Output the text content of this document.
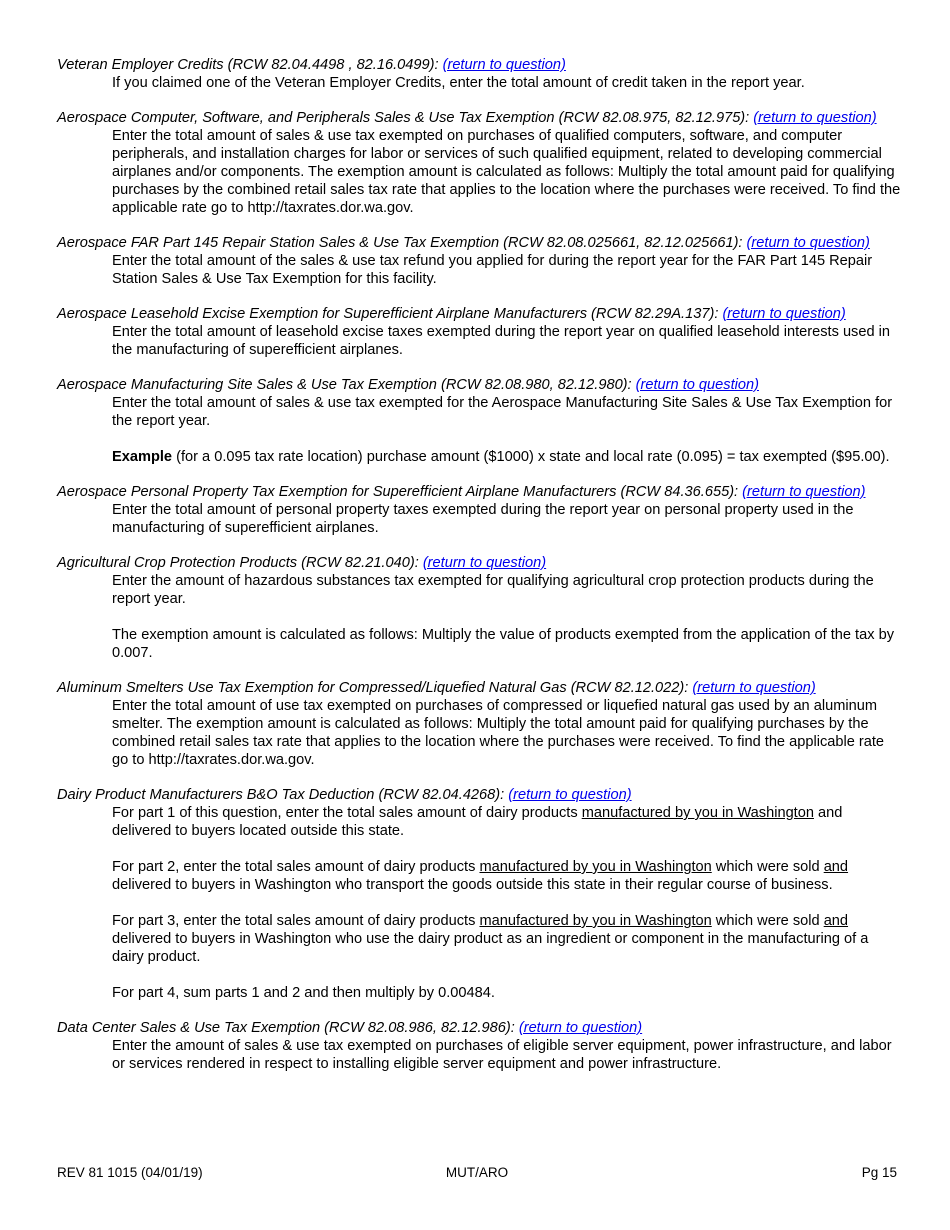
Veteran Employer Credits (RCW 82.04.4498 , 82.16.0499): (return to question)

If you claimed one of the Veteran Employer Credits, enter the total amount of credit taken in the report year.

Aerospace Computer, Software, and Peripherals Sales & Use Tax Exemption (RCW 82.08.975, 82.12.975): (return to question)

Enter the total amount of sales & use tax exempted on purchases of qualified computers, software, and computer peripherals, and installation charges for labor or services of such qualified equipment, related to developing commercial airplanes and/or components. The exemption amount is calculated as follows: Multiply the total amount paid for qualifying purchases by the combined retail sales tax rate that applies to the location where the purchases were received. To find the applicable rate go to http://taxrates.dor.wa.gov.

Aerospace FAR Part 145 Repair Station Sales & Use Tax Exemption (RCW 82.08.025661, 82.12.025661): (return to question)

Enter the total amount of the sales & use tax refund you applied for during the report year for the FAR Part 145 Repair Station Sales & Use Tax Exemption for this facility.

Aerospace Leasehold Excise Exemption for Superefficient Airplane Manufacturers (RCW 82.29A.137): (return to question)

Enter the total amount of leasehold excise taxes exempted during the report year on qualified leasehold interests used in the manufacturing of superefficient airplanes.

Aerospace Manufacturing Site Sales & Use Tax Exemption (RCW 82.08.980, 82.12.980): (return to question)

Enter the total amount of sales & use tax exempted for the Aerospace Manufacturing Site Sales & Use Tax Exemption for the report year.

Example (for a 0.095 tax rate location) purchase amount ($1000) x state and local rate (0.095) = tax exempted ($95.00).

Aerospace Personal Property Tax Exemption for Superefficient Airplane Manufacturers (RCW 84.36.655): (return to question)

Enter the total amount of personal property taxes exempted during the report year on personal property used in the manufacturing of superefficient airplanes.

Agricultural Crop Protection Products (RCW 82.21.040): (return to question)

Enter the amount of hazardous substances tax exempted for qualifying agricultural crop protection products during the report year.

The exemption amount is calculated as follows: Multiply the value of products exempted from the application of the tax by 0.007.

Aluminum Smelters Use Tax Exemption for Compressed/Liquefied Natural Gas (RCW 82.12.022): (return to question)

Enter the total amount of use tax exempted on purchases of compressed or liquefied natural gas used by an aluminum smelter. The exemption amount is calculated as follows: Multiply the total amount paid for qualifying purchases by the combined retail sales tax rate that applies to the location where the purchases were received. To find the applicable rate go to http://taxrates.dor.wa.gov.

Dairy Product Manufacturers B&O Tax Deduction (RCW 82.04.4268): (return to question)

For part 1 of this question, enter the total sales amount of dairy products manufactured by you in Washington and delivered to buyers located outside this state.

For part 2, enter the total sales amount of dairy products manufactured by you in Washington which were sold and delivered to buyers in Washington who transport the goods outside this state in their regular course of business.

For part 3, enter the total sales amount of dairy products manufactured by you in Washington which were sold and delivered to buyers in Washington who use the dairy product as an ingredient or component in the manufacturing of a dairy product.

For part 4, sum parts 1 and 2 and then multiply by 0.00484.

Data Center Sales & Use Tax Exemption (RCW 82.08.986, 82.12.986): (return to question)

Enter the amount of sales & use tax exempted on purchases of eligible server equipment, power infrastructure, and labor or services rendered in respect to installing eligible server equipment and power infrastructure.

REV 81 1015 (04/01/19)	MUT/ARO	Pg 15
